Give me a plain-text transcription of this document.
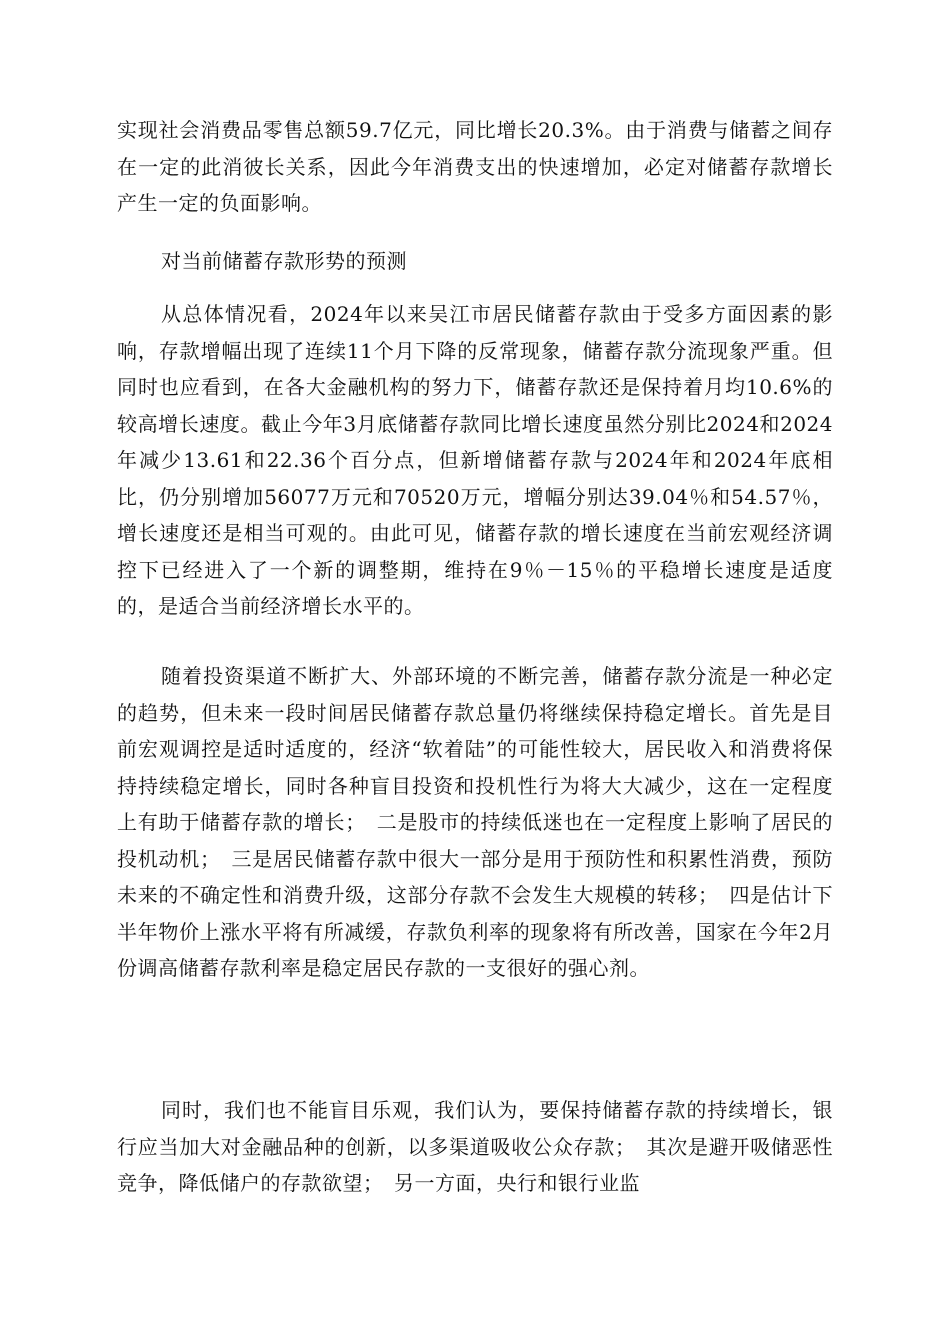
实现社会消费品零售总额59.7亿元，同比增长20.3%。由于消费与储蓄之间存在一定的此消彼长关系，因此今年消费支出的快速增加，必定对储蓄存款增长产生一定的负面影响。

对当前储蓄存款形势的预测

从总体情况看，2024年以来吴江市居民储蓄存款由于受多方面因素的影响，存款增幅出现了连续11个月下降的反常现象，储蓄存款分流现象严重。但同时也应看到，在各大金融机构的努力下，储蓄存款还是保持着月均10.6%的较高增长速度。截止今年3月底储蓄存款同比增长速度虽然分别比2024和2024年减少13.61和22.36个百分点，但新增储蓄存款与2024年和2024年底相比，仍分别增加56077万元和70520万元，增幅分别达39.04％和54.57％，增长速度还是相当可观的。由此可见，储蓄存款的增长速度在当前宏观经济调控下已经进入了一个新的调整期，维持在9％－15％的平稳增长速度是适度的，是适合当前经济增长水平的。

随着投资渠道不断扩大、外部环境的不断完善，储蓄存款分流是一种必定的趋势，但未来一段时间居民储蓄存款总量仍将继续保持稳定增长。首先是目前宏观调控是适时适度的，经济“软着陆”的可能性较大，居民收入和消费将保持持续稳定增长，同时各种盲目投资和投机性行为将大大减少，这在一定程度上有助于储蓄存款的增长；　二是股市的持续低迷也在一定程度上影响了居民的投机动机；　三是居民储蓄存款中很大一部分是用于预防性和积累性消费，预防未来的不确定性和消费升级，这部分存款不会发生大规模的转移；　四是估计下半年物价上涨水平将有所减缓，存款负利率的现象将有所改善，国家在今年2月份调高储蓄存款利率是稳定居民存款的一支很好的强心剂。

同时，我们也不能盲目乐观，我们认为，要保持储蓄存款的持续增长，银行应当加大对金融品种的创新，以多渠道吸收公众存款；　其次是避开吸储恶性竞争，降低储户的存款欲望；　另一方面，央行和银行业监
